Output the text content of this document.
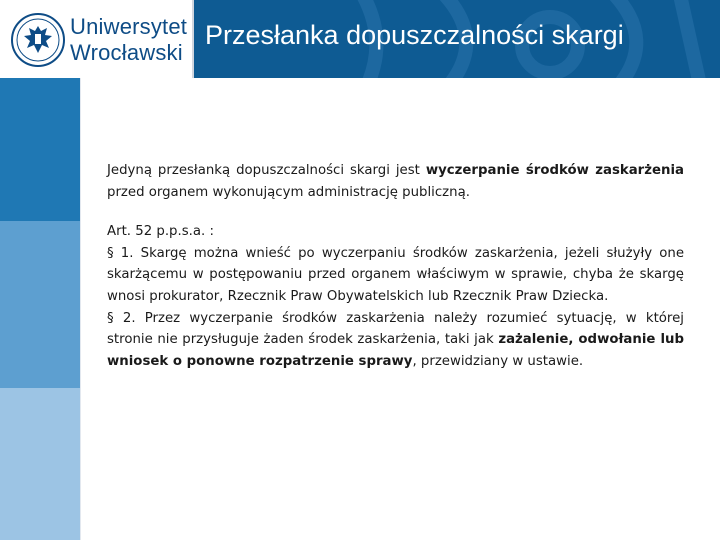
Uniwersytet
Wrocławski
Przesłanka dopuszczalności skargi

Jedyną przesłanką dopuszczalności skargi jest wyczerpanie środków zaskarżenia przed organem wykonującym administrację publiczną.

Art. 52 p.p.s.a. :

§ 1. Skargę można wnieść po wyczerpaniu środków zaskarżenia, jeżeli służyły one skarżącemu w postępowaniu przed organem właściwym w sprawie, chyba że skargę wnosi prokurator, Rzecznik Praw Obywatelskich lub Rzecznik Praw Dziecka.

§ 2. Przez wyczerpanie środków zaskarżenia należy rozumieć sytuację, w której stronie nie przysługuje żaden środek zaskarżenia, taki jak zażalenie, odwołanie lub wniosek o ponowne rozpatrzenie sprawy, przewidziany w ustawie.
